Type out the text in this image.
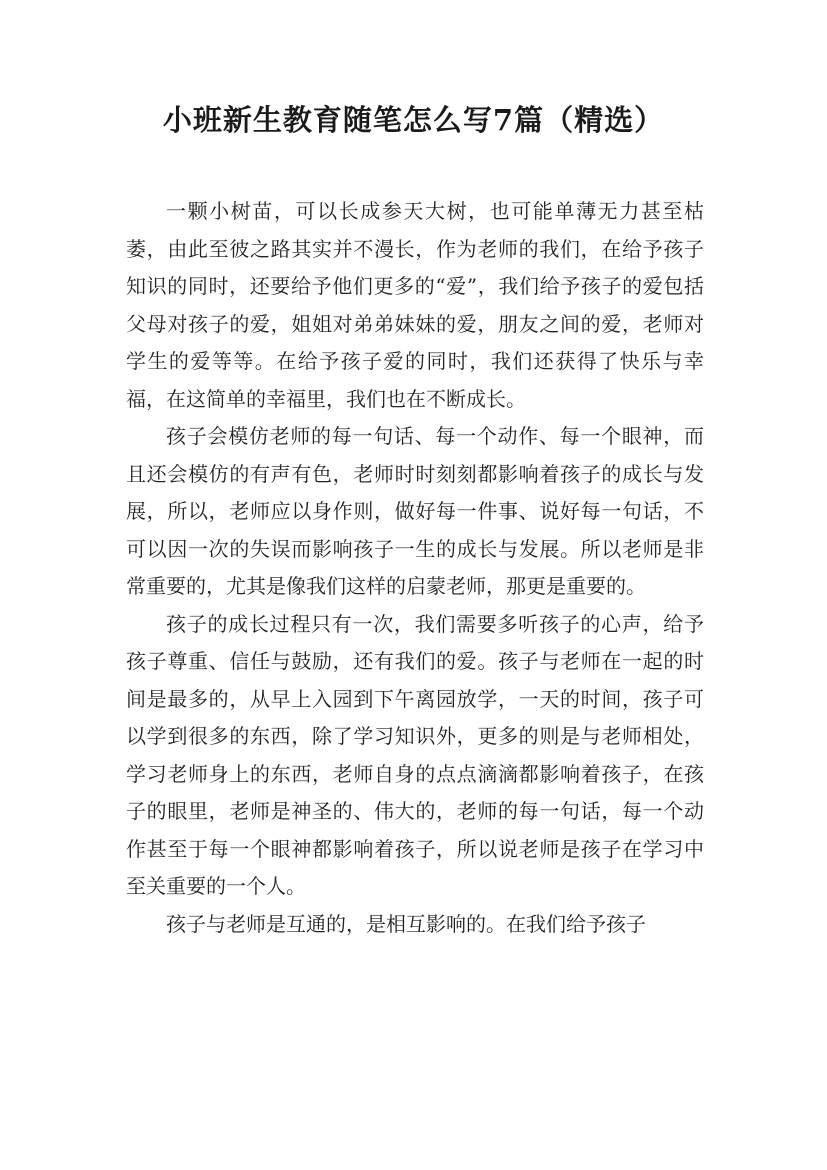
小班新生教育随笔怎么写7篇（精选）

一颗小树苗，可以长成参天大树，也可能单薄无力甚至枯萎，由此至彼之路其实并不漫长，作为老师的我们，在给予孩子知识的同时，还要给予他们更多的“爱”，我们给予孩子的爱包括父母对孩子的爱，姐姐对弟弟妹妹的爱，朋友之间的爱，老师对学生的爱等等。在给予孩子爱的同时，我们还获得了快乐与幸福，在这简单的幸福里，我们也在不断成长。

孩子会模仿老师的每一句话、每一个动作、每一个眼神，而且还会模仿的有声有色，老师时时刻刻都影响着孩子的成长与发展，所以，老师应以身作则，做好每一件事、说好每一句话，不可以因一次的失误而影响孩子一生的成长与发展。所以老师是非常重要的，尤其是像我们这样的启蒙老师，那更是重要的。

孩子的成长过程只有一次，我们需要多听孩子的心声，给予孩子尊重、信任与鼓励，还有我们的爱。孩子与老师在一起的时间是最多的，从早上入园到下午离园放学，一天的时间，孩子可以学到很多的东西，除了学习知识外，更多的则是与老师相处，学习老师身上的东西，老师自身的点点滴滴都影响着孩子，在孩子的眼里，老师是神圣的、伟大的，老师的每一句话，每一个动作甚至于每一个眼神都影响着孩子，所以说老师是孩子在学习中至关重要的一个人。

孩子与老师是互通的，是相互影响的。在我们给予孩子
